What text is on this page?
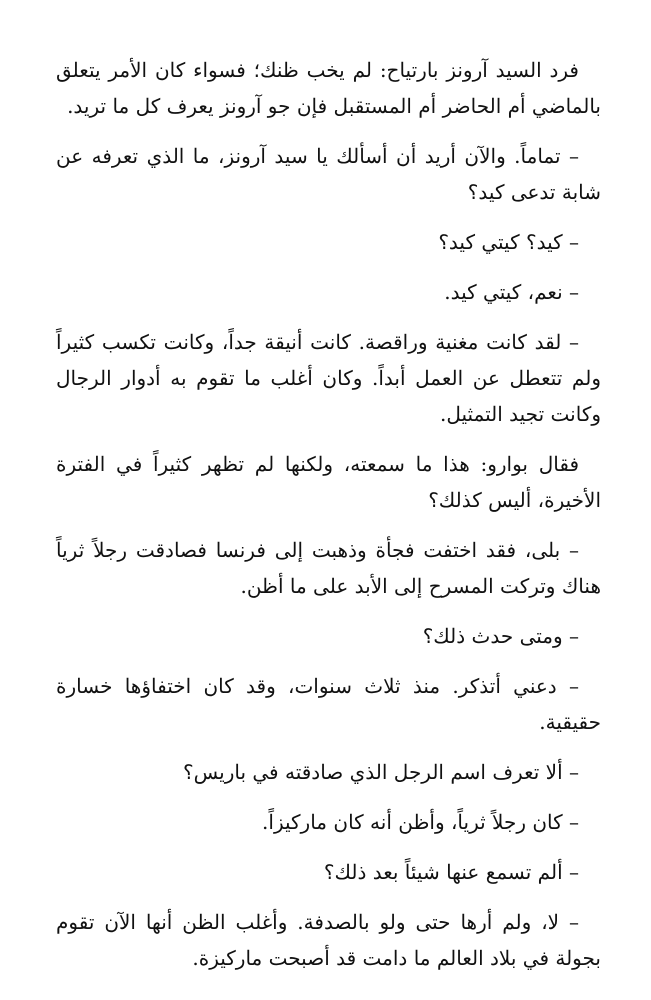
فرد السيد آرونز بارتياح: لم يخب ظنك؛ فسواء كان الأمر يتعلق بالماضي أم الحاضر أم المستقبل فإن جو آرونز يعرف كل ما تريد.

– تماماً. والآن أريد أن أسألك يا سيد آرونز، ما الذي تعرفه عن شابة تدعى كيد؟

– كيد؟ كيتي كيد؟

– نعم، كيتي كيد.

– لقد كانت مغنية وراقصة. كانت أنيقة جداً، وكانت تكسب كثيراً ولم تتعطل عن العمل أبداً. وكان أغلب ما تقوم به أدوار الرجال وكانت تجيد التمثيل.

فقال بوارو: هذا ما سمعته، ولكنها لم تظهر كثيراً في الفترة الأخيرة، أليس كذلك؟

– بلى، فقد اختفت فجأة وذهبت إلى فرنسا فصادقت رجلاً ثرياً هناك وتركت المسرح إلى الأبد على ما أظن.

– ومتى حدث ذلك؟

– دعني أتذكر. منذ ثلاث سنوات، وقد كان اختفاؤها خسارة حقيقية.

– ألا تعرف اسم الرجل الذي صادقته في باريس؟

– كان رجلاً ثرياً، وأظن أنه كان ماركيزاً.

– ألم تسمع عنها شيئاً بعد ذلك؟

– لا، ولم أرها حتى ولو بالصدفة. وأغلب الظن أنها الآن تقوم بجولة في بلاد العالم ما دامت قد أصبحت ماركيزة.
